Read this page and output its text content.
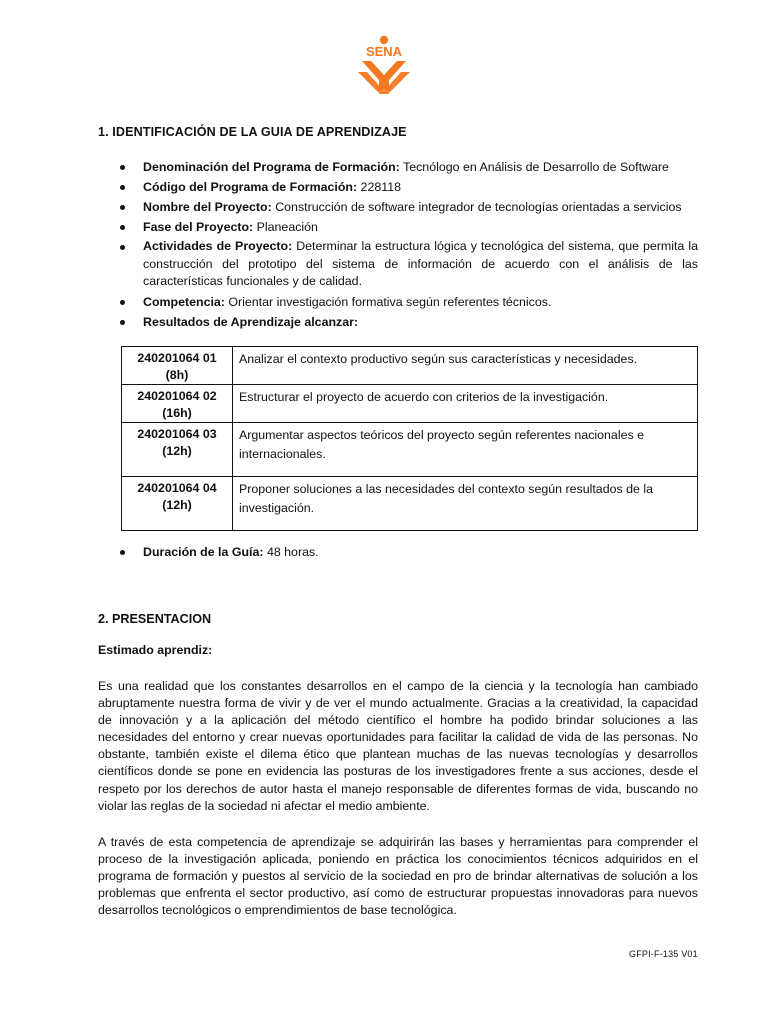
SENA
1. IDENTIFICACIÓN DE LA GUIA DE APRENDIZAJE
Denominación del Programa de Formación: Tecnólogo en Análisis de Desarrollo de Software
Código del Programa de Formación: 228118
Nombre del Proyecto: Construcción de software integrador de tecnologías orientadas a servicios
Fase del Proyecto: Planeación
Actividades de Proyecto: Determinar la estructura lógica y tecnológica del sistema, que permita la construcción del prototipo del sistema de información de acuerdo con el análisis de las características funcionales y de calidad.
Competencia: Orientar investigación formativa según referentes técnicos.
Resultados de Aprendizaje alcanzar:
240201064 01
(8h)	Analizar el contexto productivo según sus características y necesidades.
240201064 02
(16h)	Estructurar el proyecto de acuerdo con criterios de la investigación.
240201064 03
(12h)	Argumentar aspectos teóricos del proyecto según referentes nacionales e internacionales.
240201064 04
(12h)	Proponer soluciones a las necesidades del contexto según resultados de la investigación.
Duración de la Guía: 48 horas.
2. PRESENTACION
Estimado aprendiz:

Es una realidad que los constantes desarrollos en el campo de la ciencia y la tecnología han cambiado abruptamente nuestra forma de vivir y de ver el mundo actualmente. Gracias a la creatividad, la capacidad de innovación y a la aplicación del método científico el hombre ha podido brindar soluciones a las necesidades del entorno y crear nuevas oportunidades para facilitar la calidad de vida de las personas. No obstante, también existe el dilema ético que plantean muchas de las nuevas tecnologías y desarrollos científicos donde se pone en evidencia las posturas de los investigadores frente a sus acciones, desde el respeto por los derechos de autor hasta el manejo responsable de diferentes formas de vida, buscando no violar las reglas de la sociedad ni afectar el medio ambiente.

A través de esta competencia de aprendizaje se adquirirán las bases y herramientas para comprender el proceso de la investigación aplicada, poniendo en práctica los conocimientos técnicos adquiridos en el programa de formación y puestos al servicio de la sociedad en pro de brindar alternativas de solución a los problemas que enfrenta el sector productivo, así como de estructurar propuestas innovadoras para nuevos desarrollos tecnológicos o emprendimientos de base tecnológica.

GFPI-F-135 V01
